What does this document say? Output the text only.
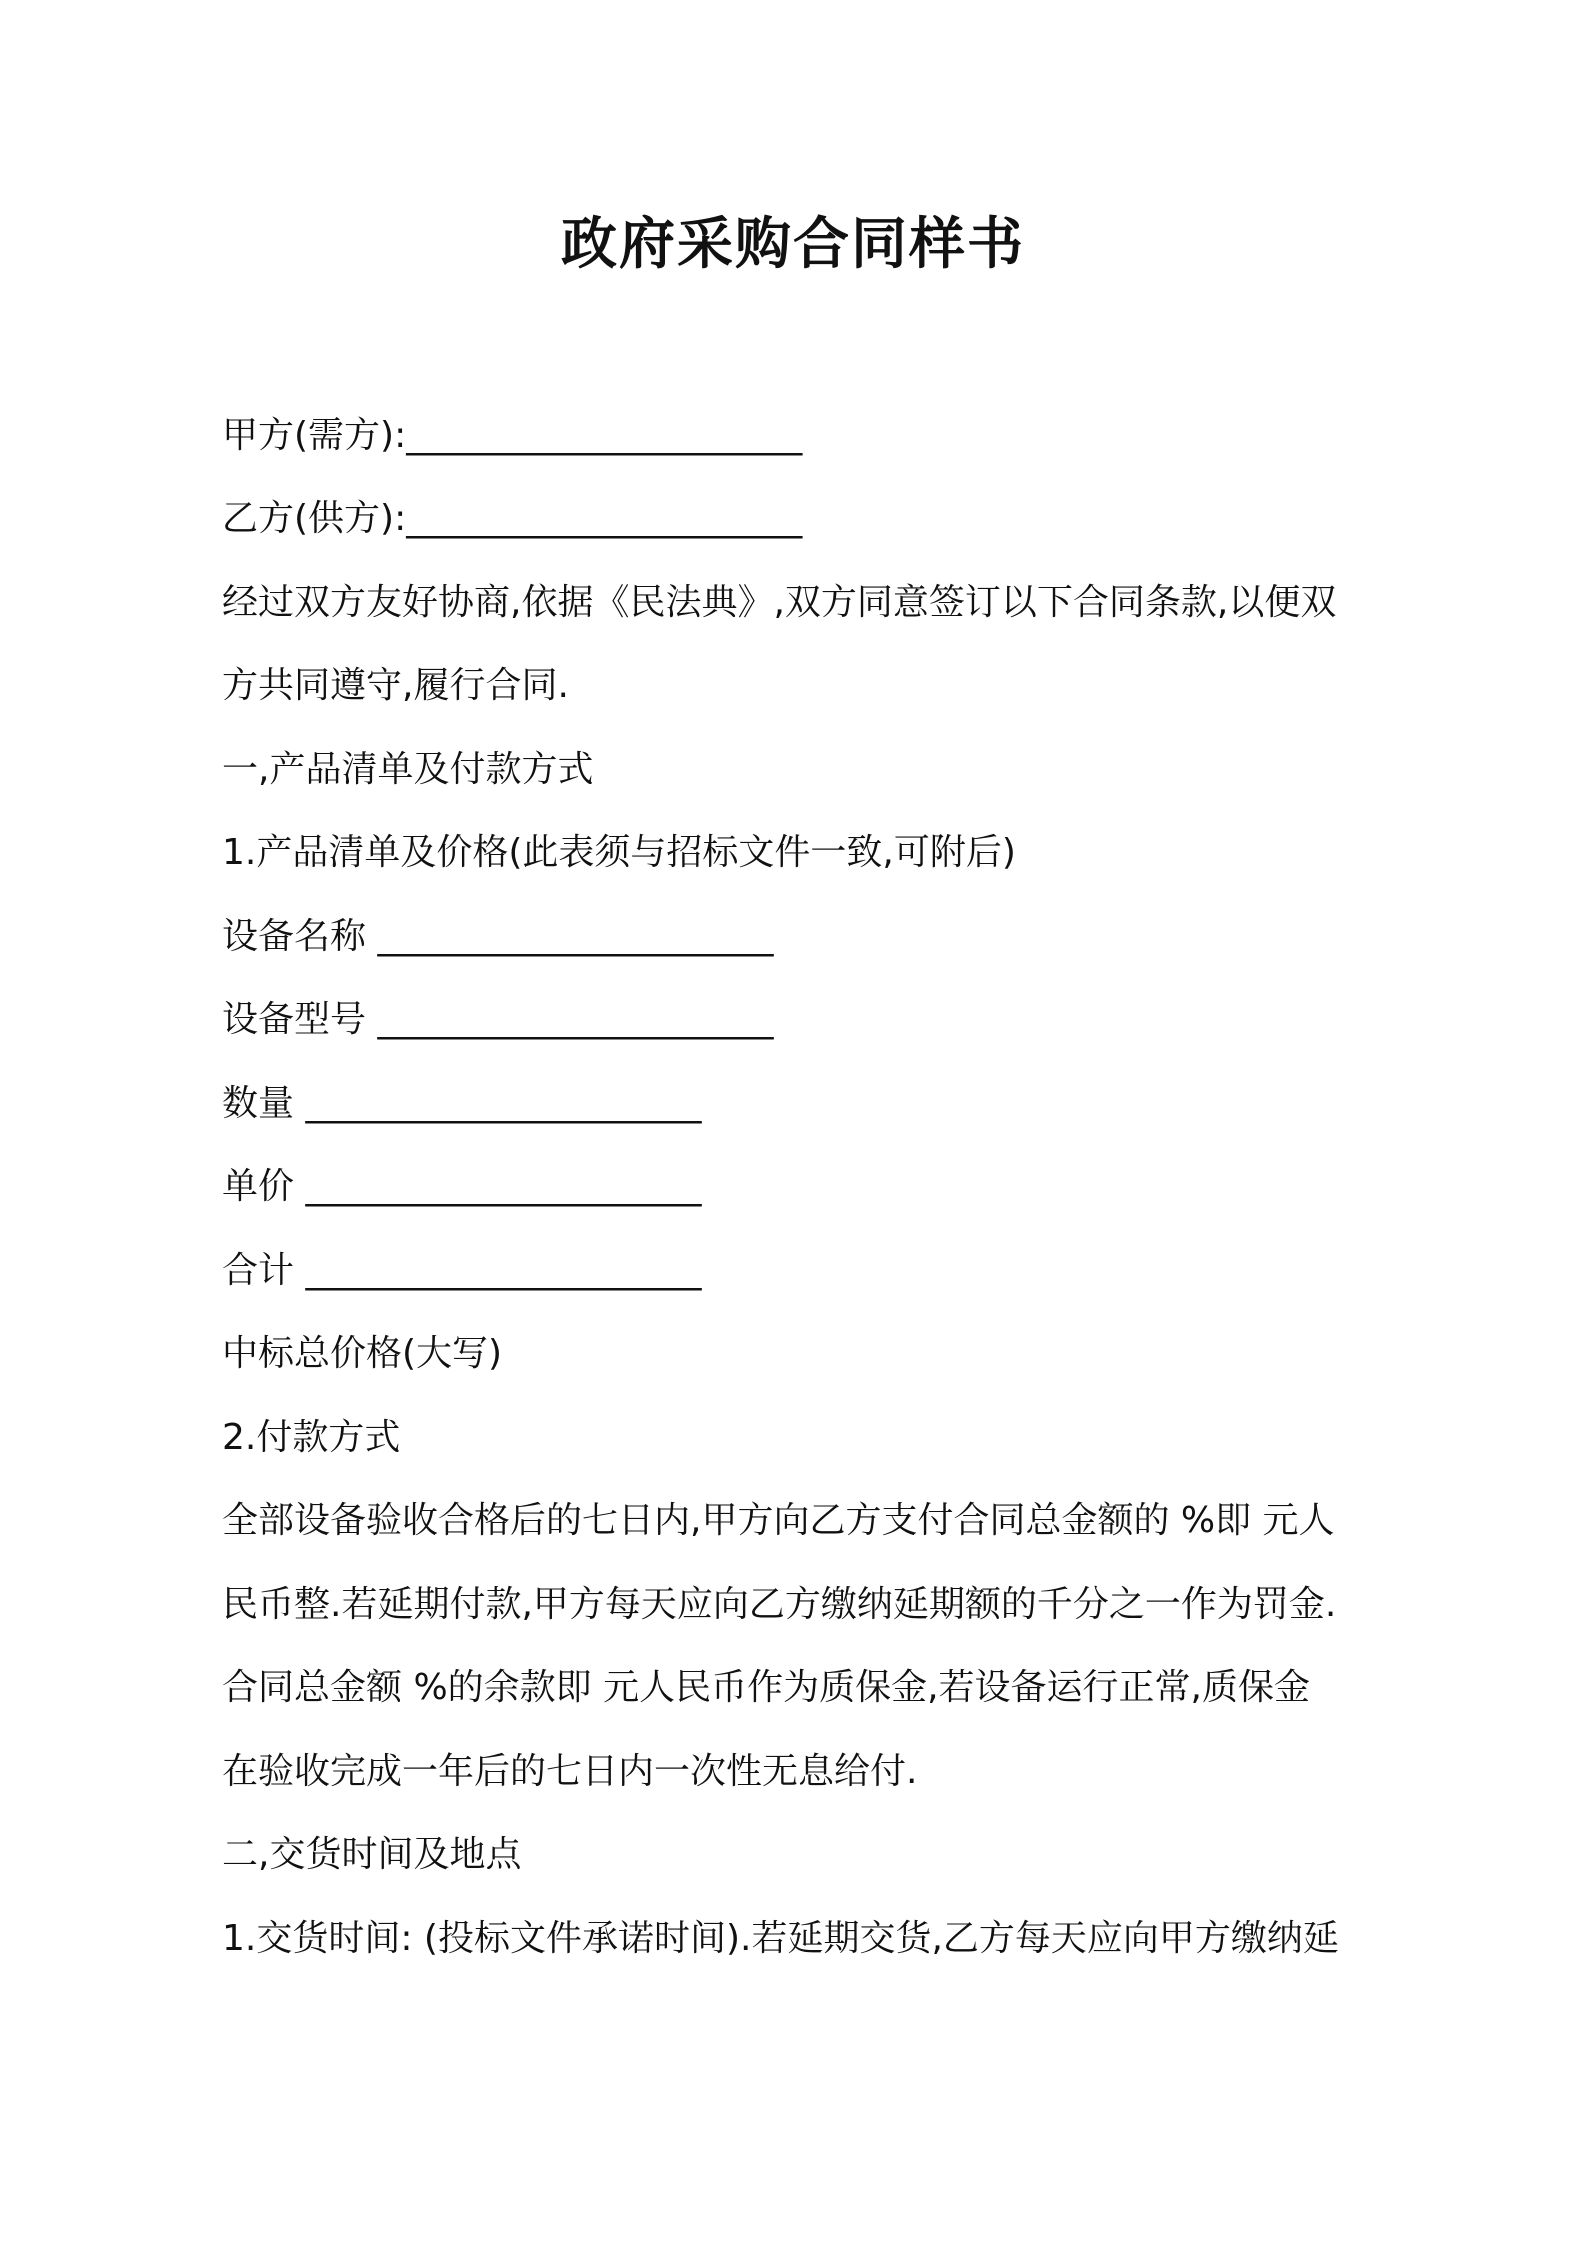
政府采购合同样书
甲方(需方):______________________
乙方(供方):______________________
经过双方友好协商,依据《民法典》,双方同意签订以下合同条款,以便双
方共同遵守,履行合同.
一,产品清单及付款方式
1.产品清单及价格(此表须与招标文件一致,可附后)
设备名称 ______________________
设备型号 ______________________
数量 ______________________
单价 ______________________
合计 ______________________
中标总价格(大写)
2.付款方式
全部设备验收合格后的七日内,甲方向乙方支付合同总金额的 %即 元人
民币整.若延期付款,甲方每天应向乙方缴纳延期额的千分之一作为罚金.
合同总金额 %的余款即 元人民币作为质保金,若设备运行正常,质保金
在验收完成一年后的七日内一次性无息给付.
二,交货时间及地点
1.交货时间: (投标文件承诺时间).若延期交货,乙方每天应向甲方缴纳延
